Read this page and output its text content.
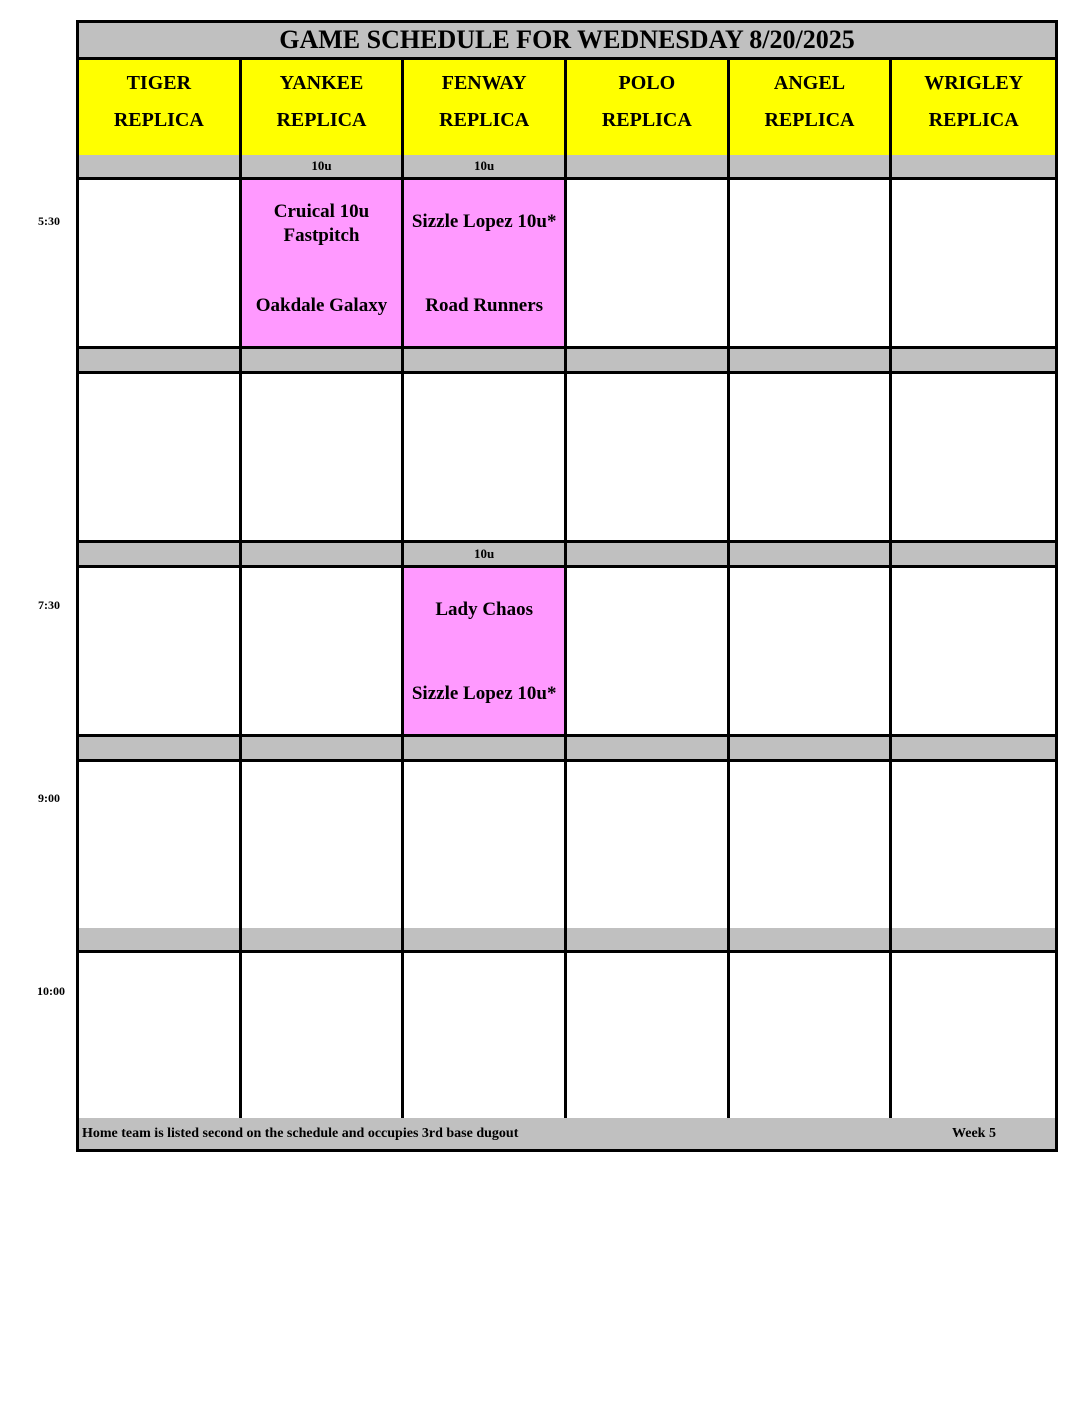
5:30
7:30
9:00
10:00
GAME SCHEDULE FOR WEDNESDAY 8/20/2025
TIGER
REPLICA
YANKEE
REPLICA
FENWAY
REPLICA
POLO
REPLICA
ANGEL
REPLICA
WRIGLEY
REPLICA
10u	10u
Cruical 10u Fastpitch
Oakdale Galaxy
Sizzle Lopez 10u*
Road Runners
10u
Lady Chaos
Sizzle Lopez 10u*
Home team is listed second on the schedule and occupies 3rd base dugout	Week 5
